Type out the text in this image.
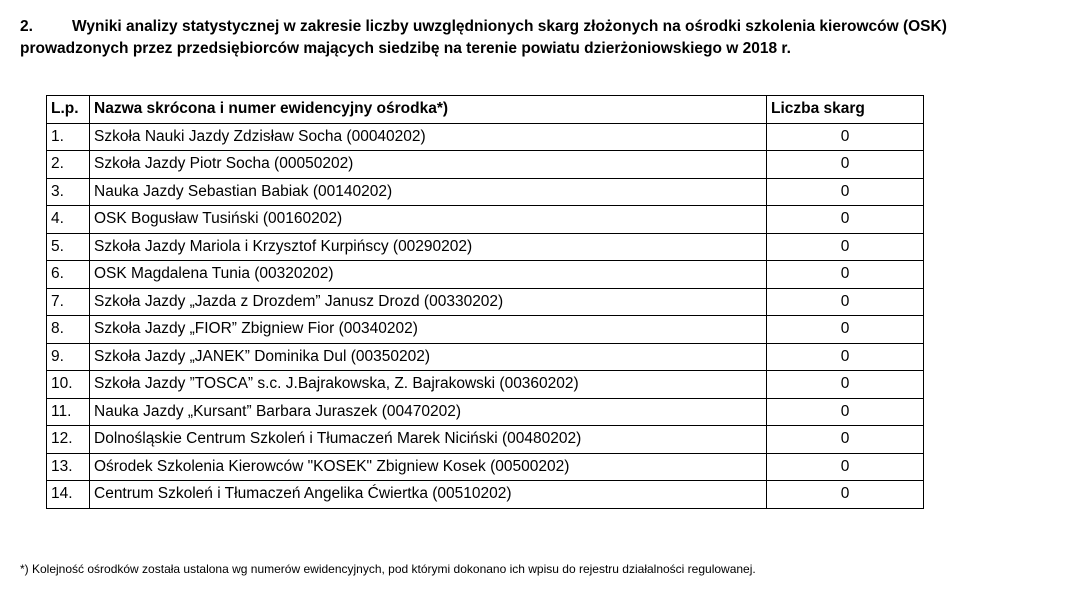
2.	Wyniki analizy statystycznej w zakresie liczby uwzględnionych skarg złożonych na ośrodki szkolenia kierowców (OSK)
prowadzonych przez przedsiębiorców mających siedzibę na terenie powiatu dzierżoniowskiego w 2018 r.
L.p.	Nazwa skrócona i numer ewidencyjny ośrodka*)	Liczba skarg
1.	Szkoła Nauki Jazdy Zdzisław Socha (00040202)	0
2.	Szkoła Jazdy Piotr Socha (00050202)	0
3.	Nauka Jazdy Sebastian Babiak (00140202)	0
4.	OSK Bogusław Tusiński (00160202)	0
5.	Szkoła Jazdy Mariola i Krzysztof Kurpińscy (00290202)	0
6.	OSK Magdalena Tunia (00320202)	0
7.	Szkoła Jazdy „Jazda z Drozdem” Janusz Drozd (00330202)	0
8.	Szkoła Jazdy „FIOR” Zbigniew Fior (00340202)	0
9.	Szkoła Jazdy „JANEK” Dominika Dul (00350202)	0
10.	Szkoła Jazdy ”TOSCA” s.c. J.Bajrakowska, Z. Bajrakowski (00360202)	0
11.	Nauka Jazdy „Kursant” Barbara Juraszek (00470202)	0
12.	Dolnośląskie Centrum Szkoleń i Tłumaczeń Marek Niciński (00480202)	0
13.	Ośrodek Szkolenia Kierowców "KOSEK" Zbigniew Kosek (00500202)	0
14.	Centrum Szkoleń i Tłumaczeń Angelika Ćwiertka (00510202)	0
*) Kolejność ośrodków została ustalona wg numerów ewidencyjnych, pod którymi dokonano ich wpisu do rejestru działalności regulowanej.
